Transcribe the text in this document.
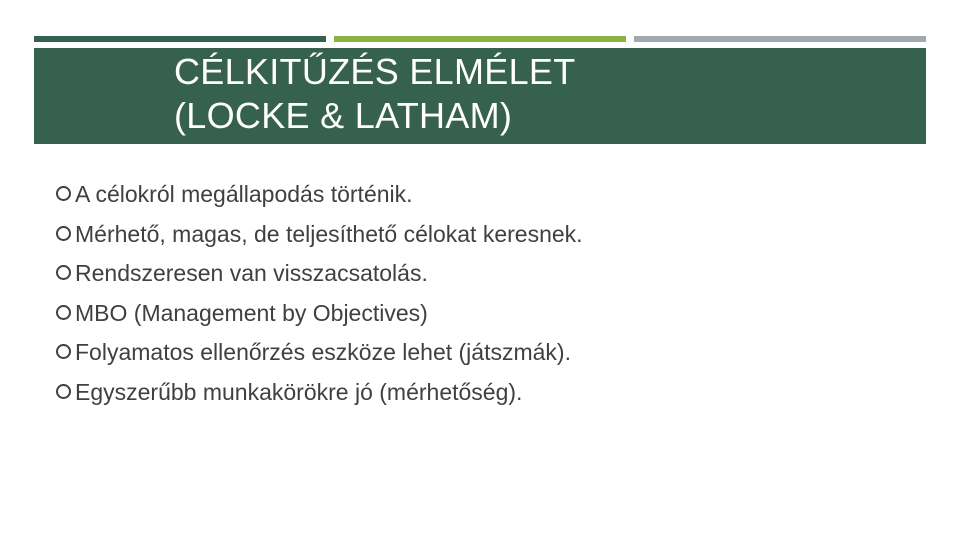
CÉLKITŰZÉS ELMÉLET
(LOCKE & LATHAM)
A célokról megállapodás történik.
Mérhető, magas, de teljesíthető célokat keresnek.
Rendszeresen van visszacsatolás.
MBO (Management by Objectives)
Folyamatos ellenőrzés eszköze lehet (játszmák).
Egyszerűbb munkakörökre jó (mérhetőség).
